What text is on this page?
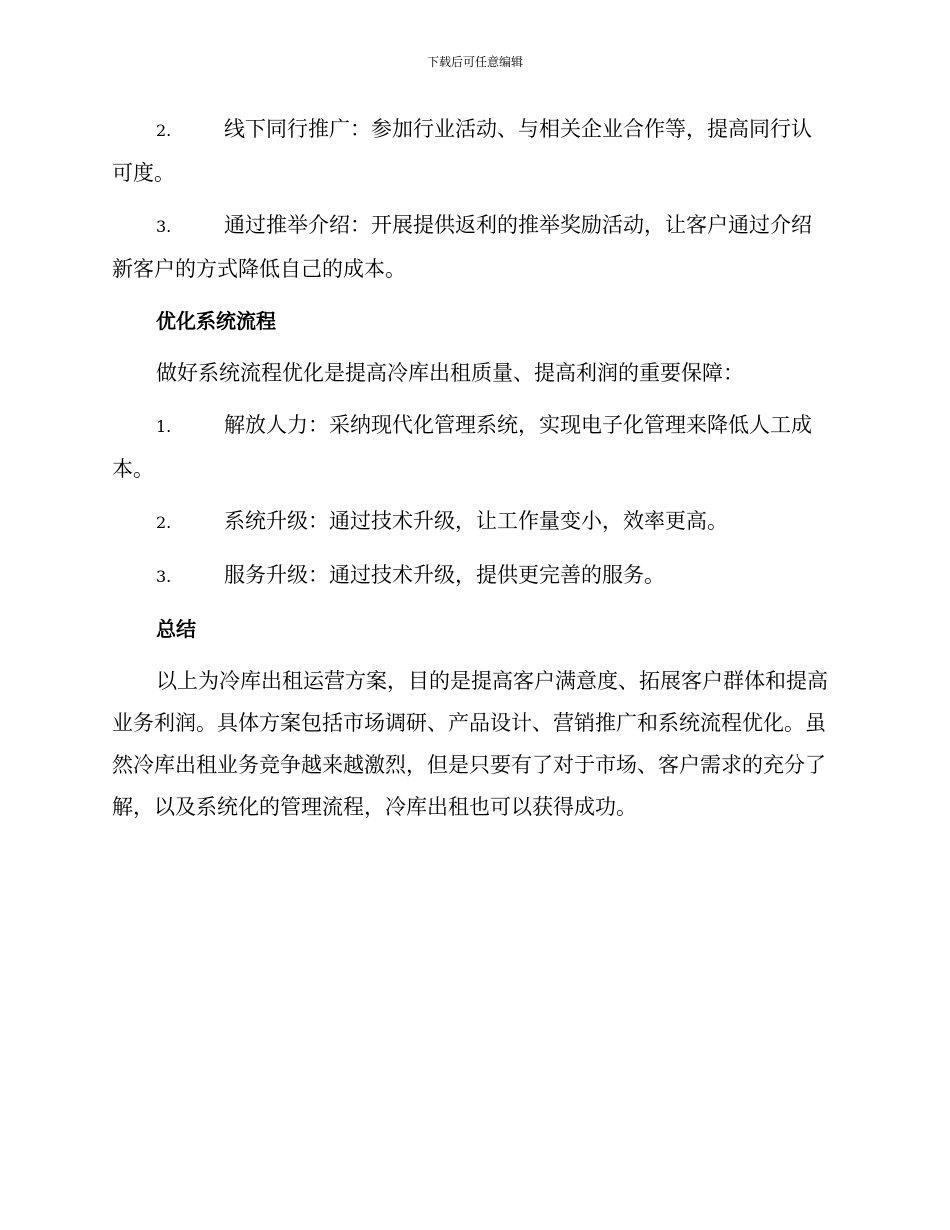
下载后可任意编辑

2.	线下同行推广：参加行业活动、与相关企业合作等，提高同行认可度。

3.	通过推举介绍：开展提供返利的推举奖励活动，让客户通过介绍新客户的方式降低自己的成本。

优化系统流程

做好系统流程优化是提高冷库出租质量、提高利润的重要保障：

1.	解放人力：采纳现代化管理系统，实现电子化管理来降低人工成本。

2.	系统升级：通过技术升级，让工作量变小，效率更高。

3.	服务升级：通过技术升级，提供更完善的服务。

总结

以上为冷库出租运营方案，目的是提高客户满意度、拓展客户群体和提高业务利润。具体方案包括市场调研、产品设计、营销推广和系统流程优化。虽然冷库出租业务竞争越来越激烈，但是只要有了对于市场、客户需求的充分了解，以及系统化的管理流程，冷库出租也可以获得成功。
